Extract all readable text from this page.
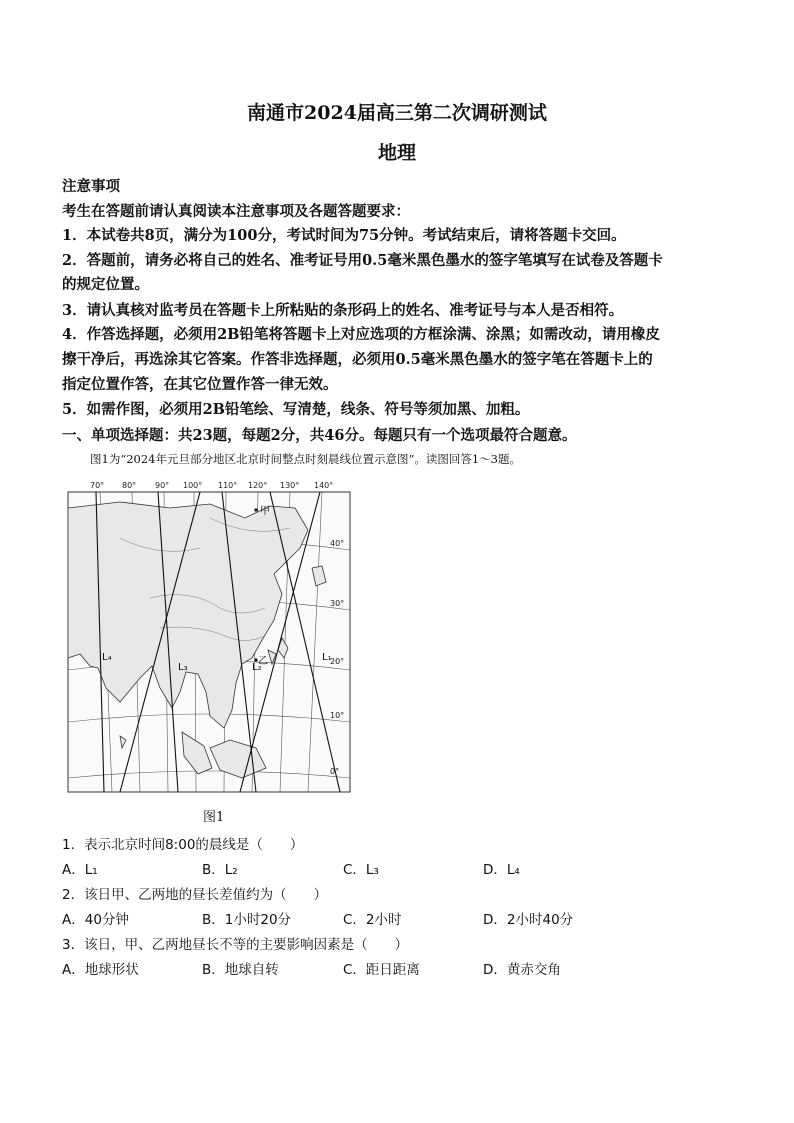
南通市2024届高三第二次调研测试
地理
注意事项
考生在答题前请认真阅读本注意事项及各题答题要求：
1．本试卷共8页，满分为100分，考试时间为75分钟。考试结束后，请将答题卡交回。
2．答题前，请务必将自己的姓名、准考证号用0.5毫米黑色墨水的签字笔填写在试卷及答题卡
的规定位置。
3．请认真核对监考员在答题卡上所粘贴的条形码上的姓名、准考证号与本人是否相符。
4．作答选择题，必须用2B铅笔将答题卡上对应选项的方框涂满、涂黑；如需改动，请用橡皮
擦干净后，再选涂其它答案。作答非选择题，必须用0.5毫米黑色墨水的签字笔在答题卡上的
指定位置作答，在其它位置作答一律无效。
5．如需作图，必须用2B铅笔绘、写清楚，线条、符号等须加黑、加粗。
一、单项选择题：共23题，每题2分，共46分。每题只有一个选项最符合题意。
图1为“2024年元旦部分地区北京时间整点时刻晨线位置示意图”。读图回答1～3题。
70° 80° 90° 100° 110° 120° 130° 140°
40°
30°
20°
10°
0°
L₁
L₂
L₃
L₄
甲
乙
图1
1．表示北京时间8:00的晨线是（　　）
A．L₁	B．L₂	C．L₃	D．L₄
2．该日甲、乙两地的昼长差值约为（　　）
A．40分钟	B．1小时20分	C．2小时	D．2小时40分
3．该日，甲、乙两地昼长不等的主要影响因素是（　　）
A．地球形状	B．地球自转	C．距日距离	D．黄赤交角
